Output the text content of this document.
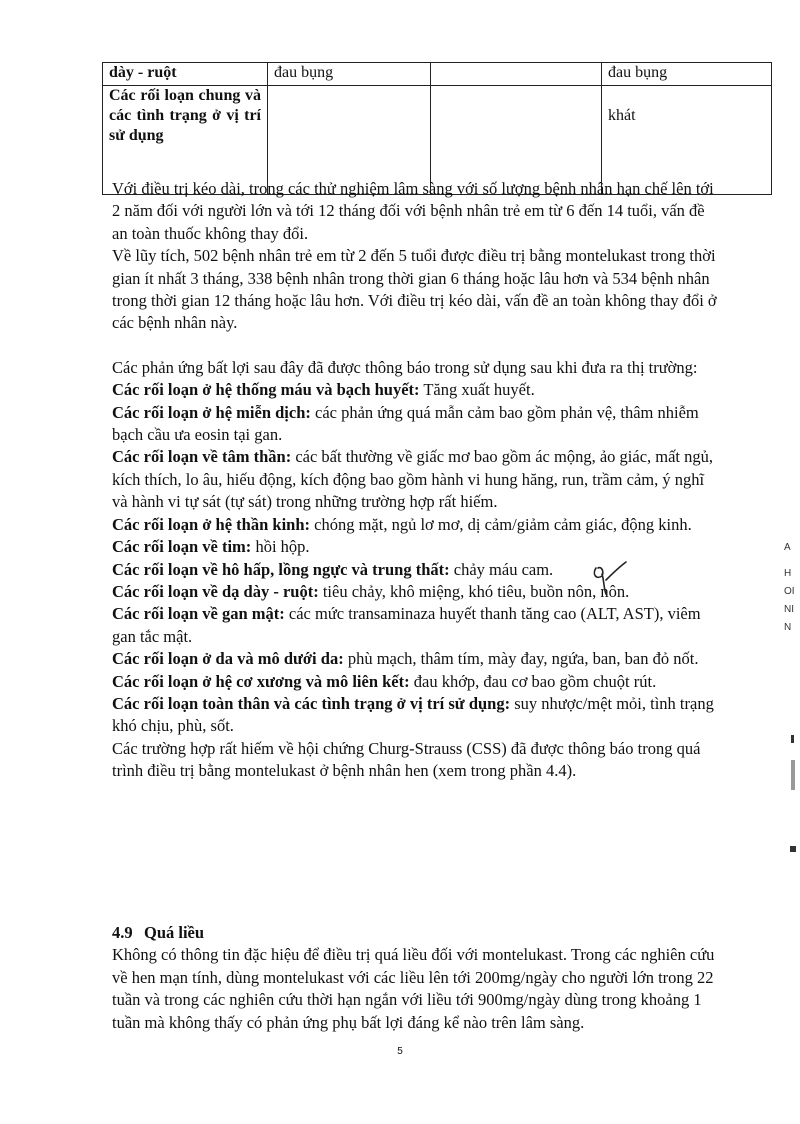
dày - ruột	đau bụng		đau bụng
Các rối loạn chung và các tình trạng ở vị trí sử dụng			khát

Với điều trị kéo dài, trong các thử nghiệm lâm sàng với số lượng bệnh nhân hạn chế lên tới 2 năm đối với người lớn và tới 12 tháng đối với bệnh nhân trẻ em từ 6 đến 14 tuổi, vấn đề an toàn thuốc không thay đổi.

Về lũy tích, 502 bệnh nhân trẻ em từ 2 đến 5 tuổi được điều trị bằng montelukast trong thời gian ít nhất 3 tháng, 338 bệnh nhân trong thời gian 6 tháng hoặc lâu hơn và 534 bệnh nhân trong thời gian 12 tháng hoặc lâu hơn. Với điều trị kéo dài, vấn đề an toàn không thay đổi ở các bệnh nhân này.

Các phản ứng bất lợi sau đây đã được thông báo trong sử dụng sau khi đưa ra thị trường:

Các rối loạn ở hệ thống máu và bạch huyết: Tăng xuất huyết.

Các rối loạn ở hệ miễn dịch: các phản ứng quá mẫn cảm bao gồm phản vệ, thâm nhiễm bạch cầu ưa eosin tại gan.

Các rối loạn về tâm thần: các bất thường về giấc mơ bao gồm ác mộng, ảo giác, mất ngủ, kích thích, lo âu, hiếu động, kích động bao gồm hành vi hung hăng, run, trầm cảm, ý nghĩ và hành vi tự sát (tự sát) trong những trường hợp rất hiếm.

Các rối loạn ở hệ thần kinh: chóng mặt, ngủ lơ mơ, dị cảm/giảm cảm giác, động kinh.

Các rối loạn về tim: hồi hộp.

Các rối loạn về hô hấp, lồng ngực và trung thất: chảy máu cam.

Các rối loạn về dạ dày - ruột: tiêu chảy, khô miệng, khó tiêu, buồn nôn, nôn.

Các rối loạn về gan mật: các mức transaminaza huyết thanh tăng cao (ALT, AST), viêm gan tắc mật.

Các rối loạn ở da và mô dưới da: phù mạch, thâm tím, mày đay, ngứa, ban, ban đỏ nốt.

Các rối loạn ở hệ cơ xương và mô liên kết: đau khớp, đau cơ bao gồm chuột rút.

Các rối loạn toàn thân và các tình trạng ở vị trí sử dụng: suy nhược/mệt mỏi, tình trạng khó chịu, phù, sốt.

Các trường hợp rất hiếm về hội chứng Churg-Strauss (CSS) đã được thông báo trong quá trình điều trị bằng montelukast ở bệnh nhân hen (xem trong phần 4.4).

4.9 Quá liều

Không có thông tin đặc hiệu để điều trị quá liều đối với montelukast. Trong các nghiên cứu về hen mạn tính, dùng montelukast với các liều lên tới 200mg/ngày cho người lớn trong 22 tuần và trong các nghiên cứu thời hạn ngắn với liều tới 900mg/ngày dùng trong khoảng 1 tuần mà không thấy có phản ứng phụ bất lợi đáng kể nào trên lâm sàng.

5
A
H
OI
NI
N
